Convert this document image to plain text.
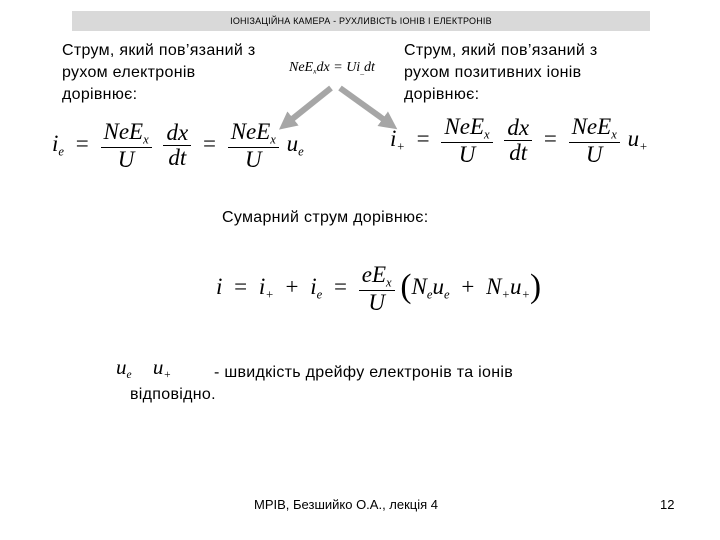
ІОНІЗАЦІЙНА КАМЕРА - РУХЛИВІСТЬ ІОНІВ І ЕЛЕКТРОНІВ
Струм, який пов’язаний з
рухом електронів
дорівнює:
Струм, який пов’язаний з
рухом позитивних іонів
дорівнює:
$NeE_xdx = Ui_{\_}dt$
$i_e = \frac{NeE_x}{U}$
$\frac{dx}{dt} = \frac{NeE_x}{U} u_e$
$i_+ = \frac{NeE_x}{U}$
$\frac{dx}{dt} = \frac{NeE_x}{U} u_+$
Сумарний струм дорівнює:
$i = i_+ + i_e = \frac{eE_x}{U} (N_eu_e + N_+u_+)$
$u_e$ $u_+$	- швидкість дрейфу електронів та іонів
відповідно.
МРІВ, Безшийко О.А., лекція 4	12
